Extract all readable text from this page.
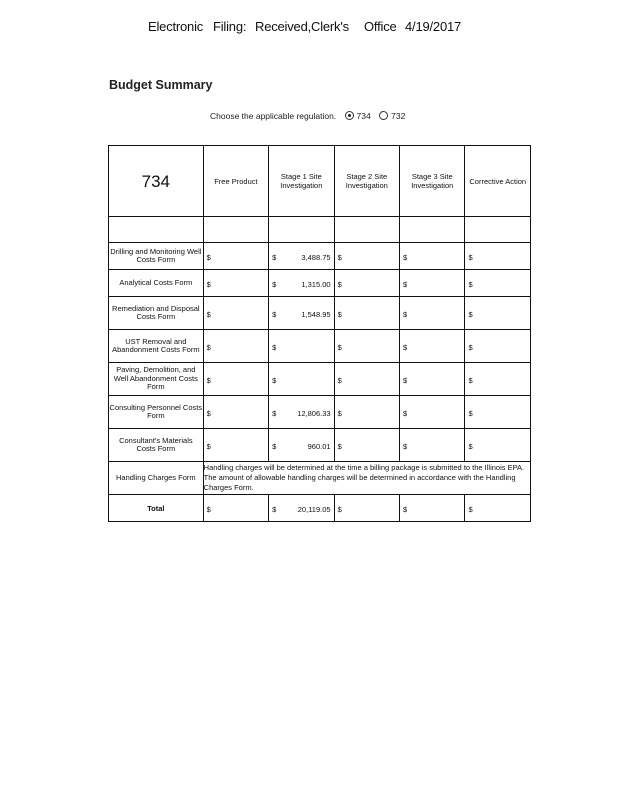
Electronic Filing: Received,Clerk's Office 4/19/2017
Budget Summary
Choose the applicable regulation. 734 732
734	Free Product	Stage 1 Site Investigation	Stage 2 Site Investigation	Stage 3 Site Investigation	Corrective Action

Drilling and Monitoring Well Costs Form	$	$ 3,488.75	$	$	$

Analytical Costs Form	$	$ 1,315.00	$	$	$

Remediation and Disposal Costs Form	$	$ 1,548.95	$	$	$

UST Removal and Abandonment Costs Form	$	$	$	$	$

Paving, Demolition, and Well Abandonment Costs Form	$	$	$	$	$

Consulting Personnel Costs Form	$	$ 12,806.33	$	$	$

Consultant's Materials Costs Form	$	$ 960.01	$	$	$

Handling Charges Form	Handling charges will be determined at the time a billing package is submitted to the Illinois EPA. The amount of allowable handling charges will be determined in accordance with the Handling Charges Form.				
Total	$	$ 20,119.05	$	$	$
